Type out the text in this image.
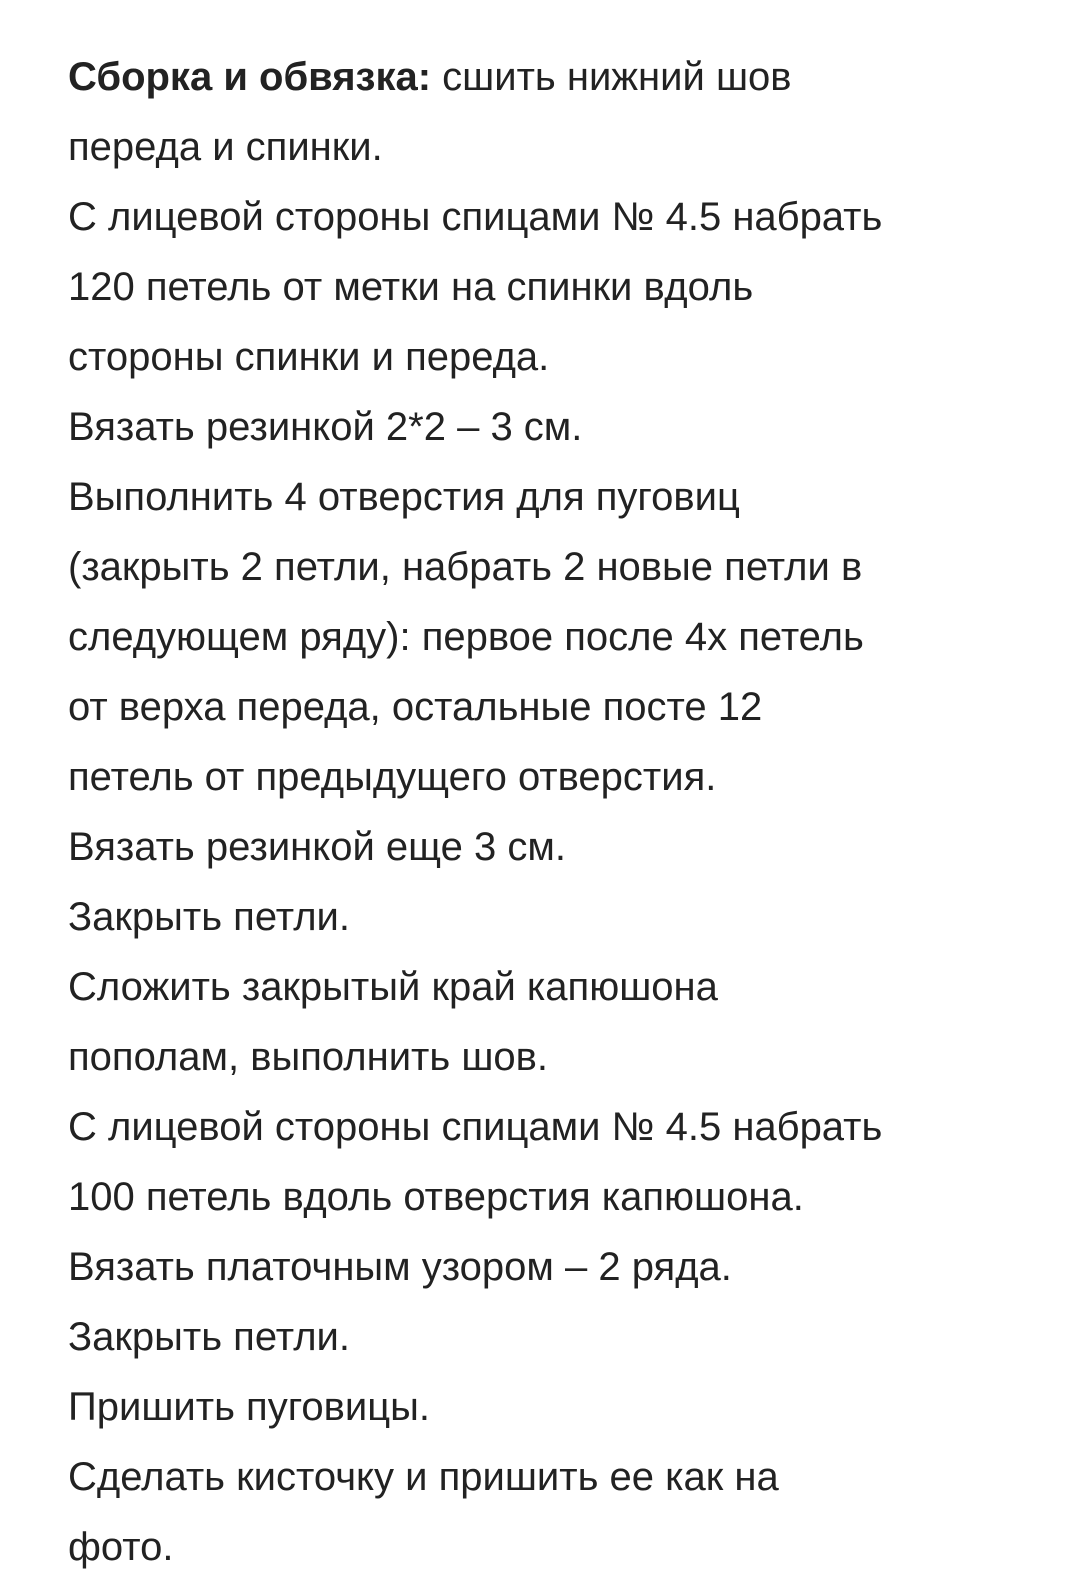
Сборка и обвязка: сшить нижний шов
переда и спинки.
С лицевой стороны спицами № 4.5 набрать
120 петель от метки на спинки вдоль
стороны спинки и переда.
Вязать резинкой 2*2 – 3 см.
Выполнить 4 отверстия для пуговиц
(закрыть 2 петли, набрать 2 новые петли в
следующем ряду): первое после 4х петель
от верха переда, остальные посте 12
петель от предыдущего отверстия.
Вязать резинкой еще 3 см.
Закрыть петли.
Сложить закрытый край капюшона
пополам, выполнить шов.
С лицевой стороны спицами № 4.5 набрать
100 петель вдоль отверстия капюшона.
Вязать платочным узором – 2 ряда.
Закрыть петли.
Пришить пуговицы.
Сделать кисточку и пришить ее как на
фото.
